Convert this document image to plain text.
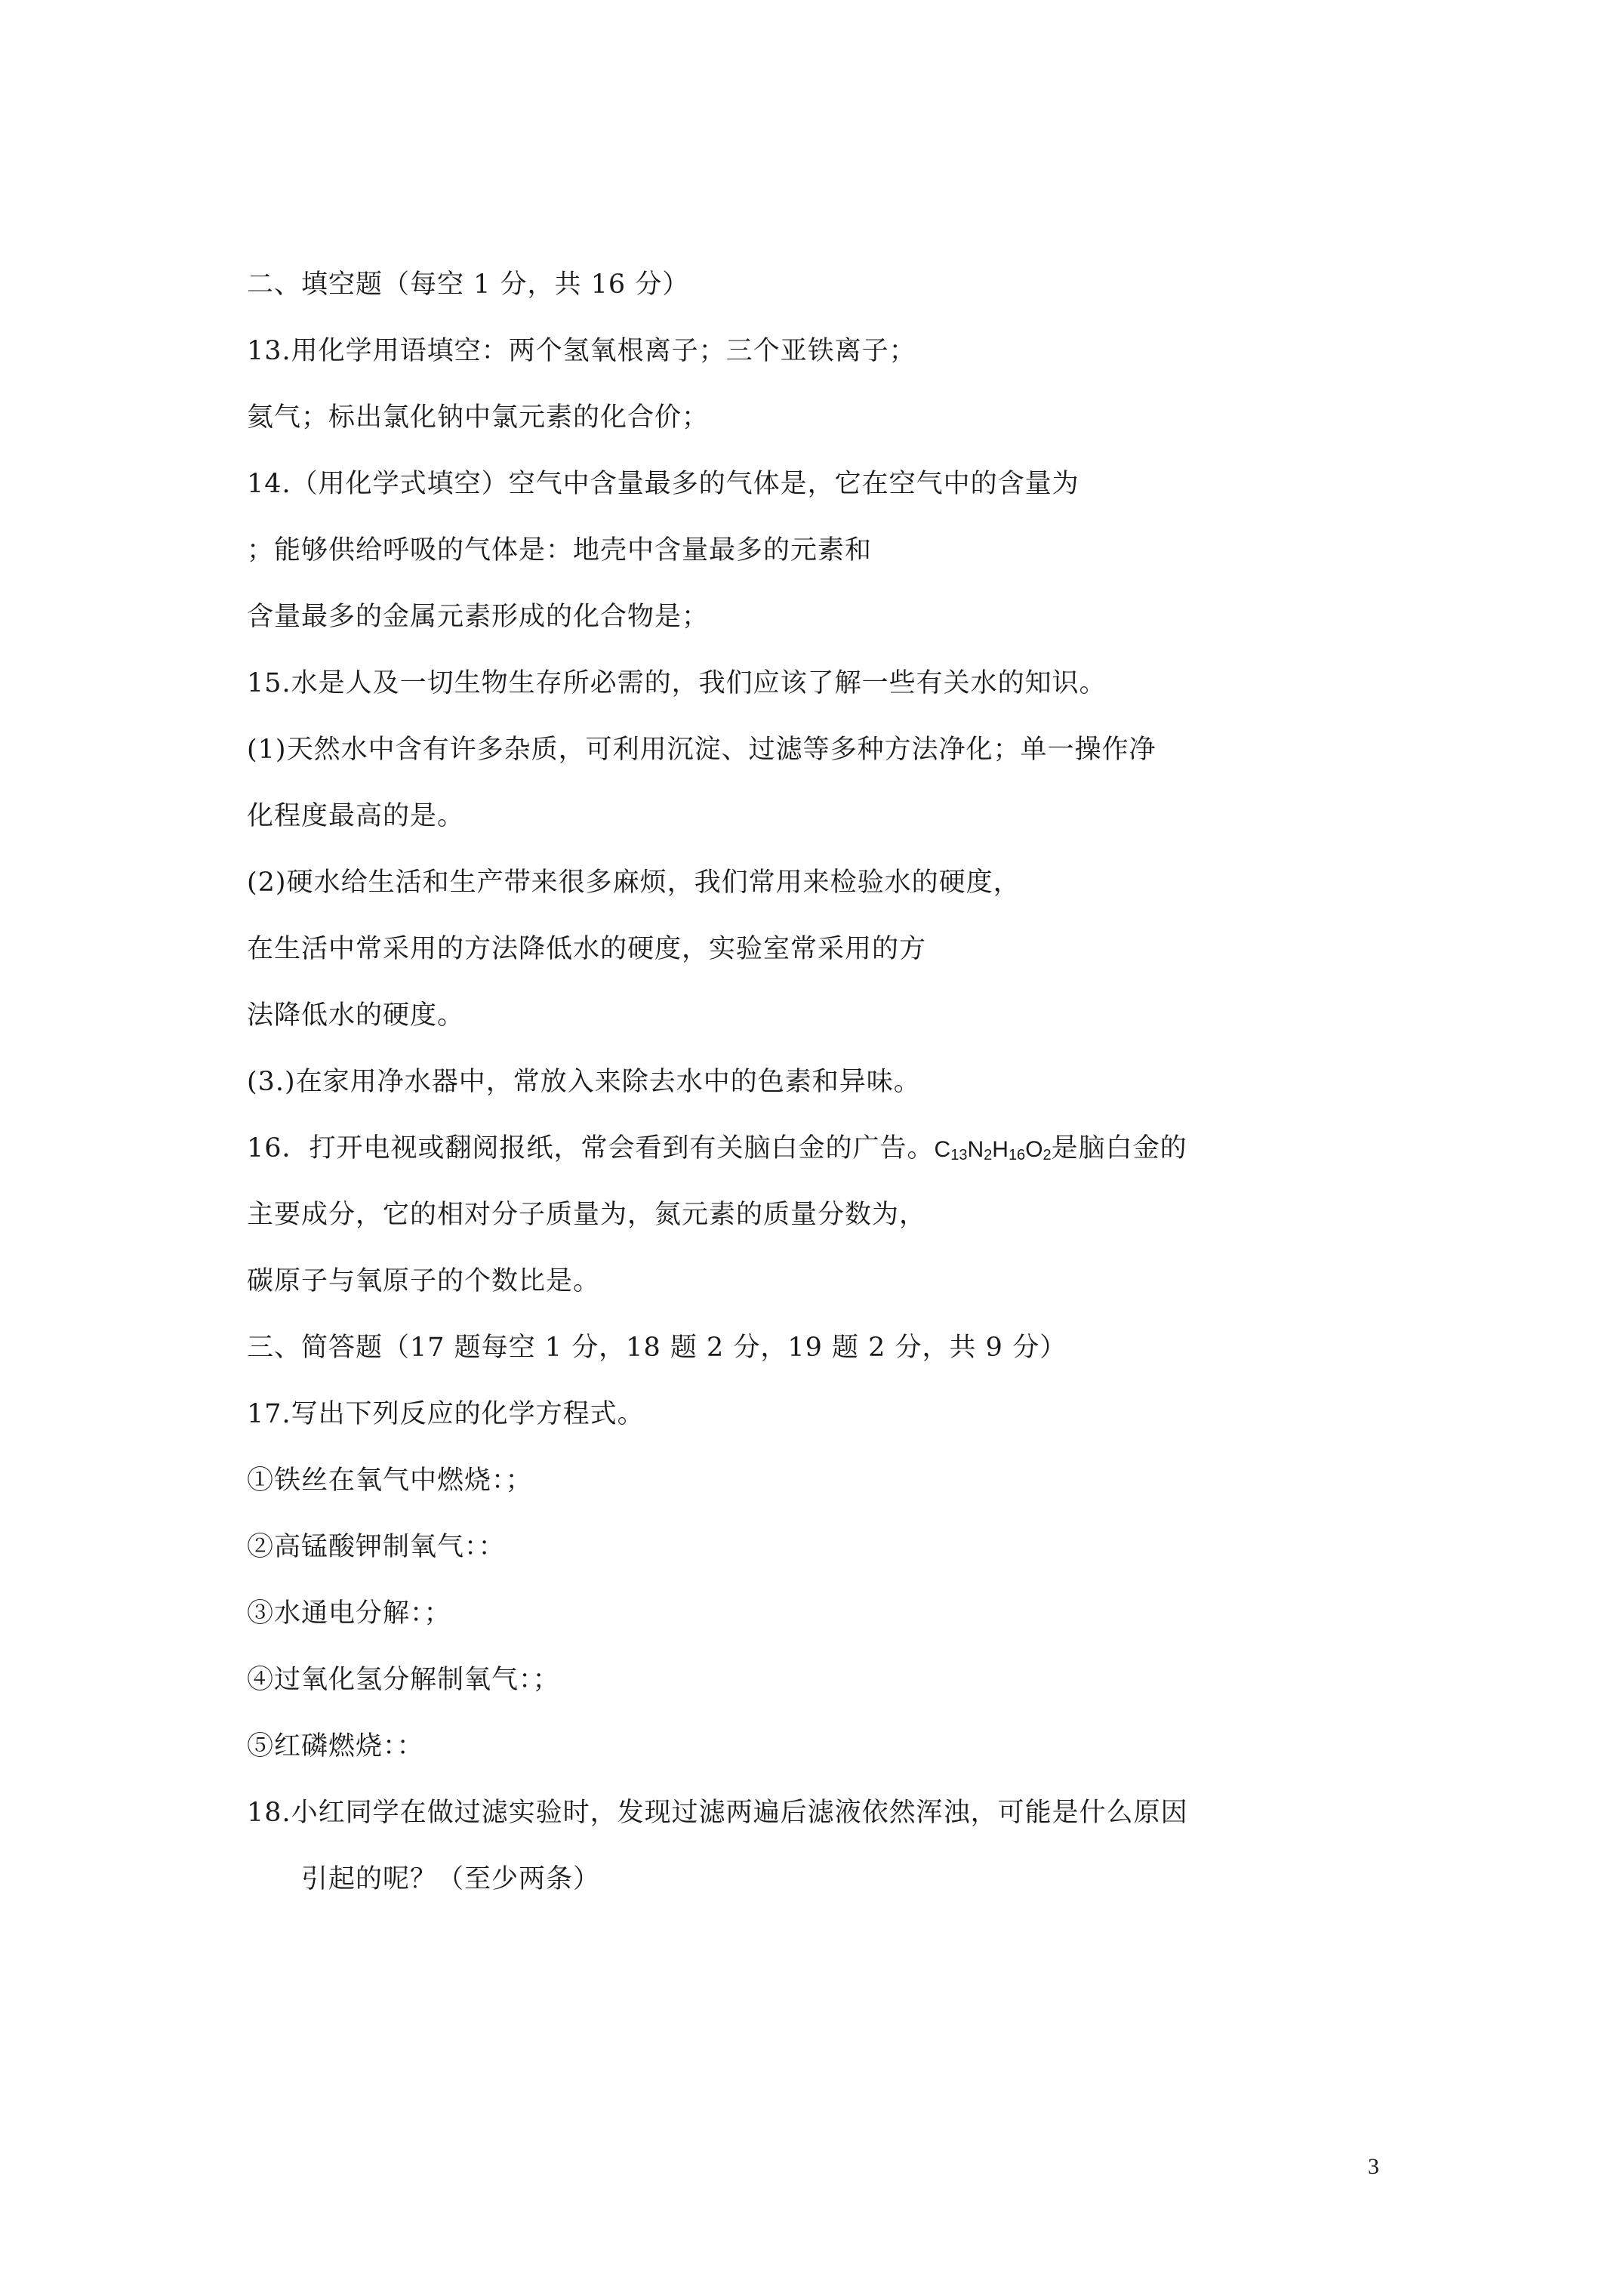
二、填空题（每空 1 分，共 16 分）
13.用化学用语填空：两个氢氧根离子；三个亚铁离子；
氦气；标出氯化钠中氯元素的化合价；
14.（用化学式填空）空气中含量最多的气体是，它在空气中的含量为
；能够供给呼吸的气体是：地壳中含量最多的元素和
含量最多的金属元素形成的化合物是；
15.水是人及一切生物生存所必需的，我们应该了解一些有关水的知识。
(1)天然水中含有许多杂质，可利用沉淀、过滤等多种方法净化；单一操作净
化程度最高的是。
(2)硬水给生活和生产带来很多麻烦，我们常用来检验水的硬度，
在生活中常采用的方法降低水的硬度，实验室常采用的方
法降低水的硬度。
(3.)在家用净水器中，常放入来除去水中的色素和异味。
16．打开电视或翻阅报纸，常会看到有关脑白金的广告。$C_{13}N_2H_{16}O_2$是脑白金的
主要成分，它的相对分子质量为，氮元素的质量分数为，
碳原子与氧原子的个数比是。
三、简答题（17 题每空 1 分，18 题 2 分，19 题 2 分，共 9 分）
17.写出下列反应的化学方程式。
①铁丝在氧气中燃烧：；
②高锰酸钾制氧气：：
③水通电分解：；
④过氧化氢分解制氧气：；
⑤红磷燃烧：：
18.小红同学在做过滤实验时，发现过滤两遍后滤液依然浑浊，可能是什么原因
引起的呢？（至少两条）
3
